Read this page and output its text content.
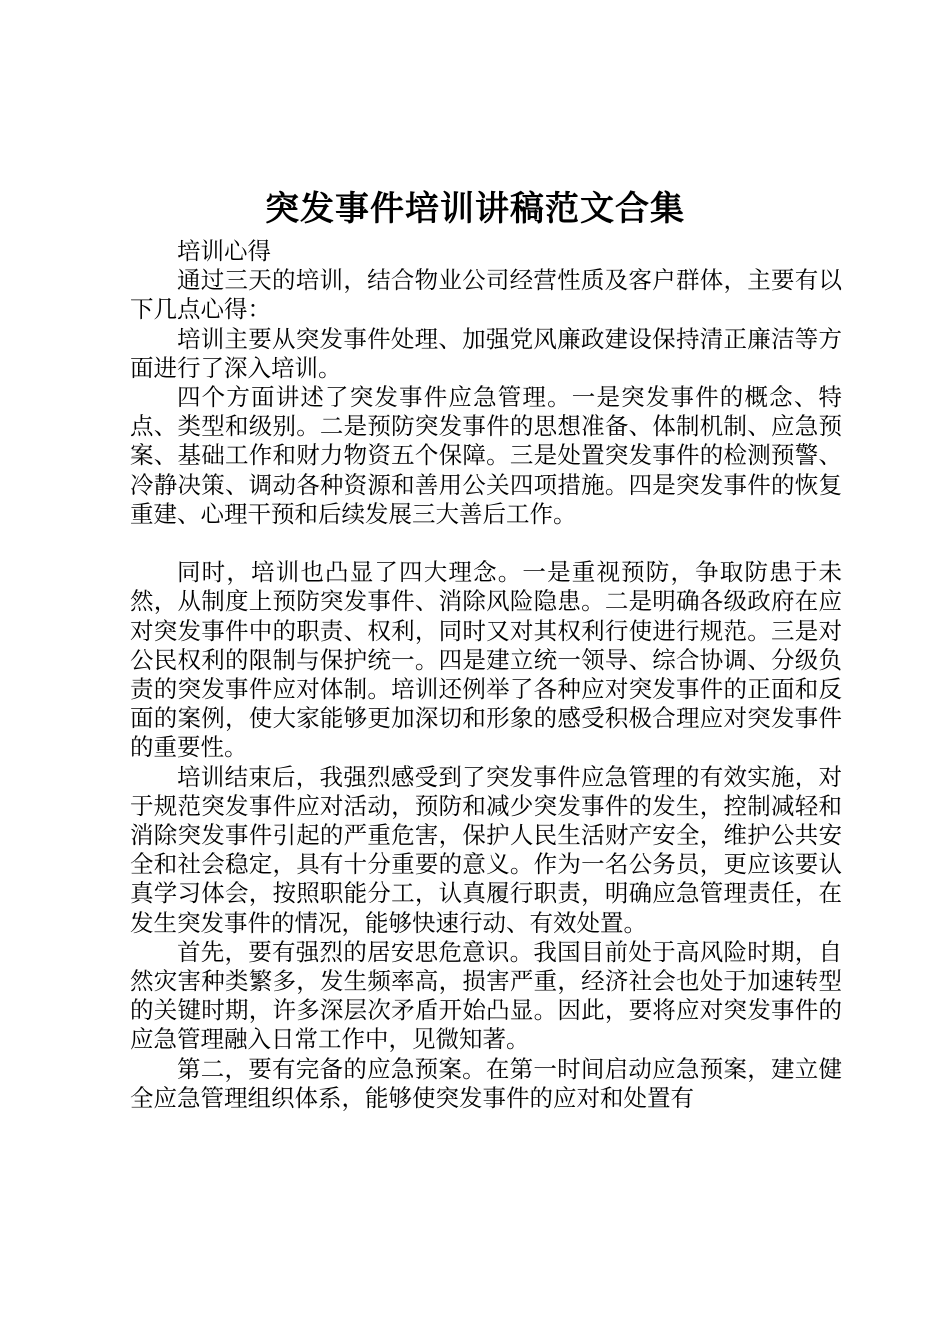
突发事件培训讲稿范文合集

培训心得

通过三天的培训，结合物业公司经营性质及客户群体，主要有以下几点心得：

培训主要从突发事件处理、加强党风廉政建设保持清正廉洁等方面进行了深入培训。

四个方面讲述了突发事件应急管理。一是突发事件的概念、特点、类型和级别。二是预防突发事件的思想准备、体制机制、应急预案、基础工作和财力物资五个保障。三是处置突发事件的检测预警、冷静决策、调动各种资源和善用公关四项措施。四是突发事件的恢复重建、心理干预和后续发展三大善后工作。

同时，培训也凸显了四大理念。一是重视预防，争取防患于未然，从制度上预防突发事件、消除风险隐患。二是明确各级政府在应对突发事件中的职责、权利，同时又对其权利行使进行规范。三是对公民权利的限制与保护统一。四是建立统一领导、综合协调、分级负责的突发事件应对体制。培训还例举了各种应对突发事件的正面和反面的案例，使大家能够更加深切和形象的感受积极合理应对突发事件的重要性。

培训结束后，我强烈感受到了突发事件应急管理的有效实施，对于规范突发事件应对活动，预防和减少突发事件的发生，控制减轻和消除突发事件引起的严重危害，保护人民生活财产安全，维护公共安全和社会稳定，具有十分重要的意义。作为一名公务员，更应该要认真学习体会，按照职能分工，认真履行职责，明确应急管理责任，在发生突发事件的情况，能够快速行动、有效处置。

首先，要有强烈的居安思危意识。我国目前处于高风险时期，自然灾害种类繁多，发生频率高，损害严重，经济社会也处于加速转型的关键时期，许多深层次矛盾开始凸显。因此，要将应对突发事件的应急管理融入日常工作中，见微知著。

第二，要有完备的应急预案。在第一时间启动应急预案，建立健全应急管理组织体系，能够使突发事件的应对和处置有
